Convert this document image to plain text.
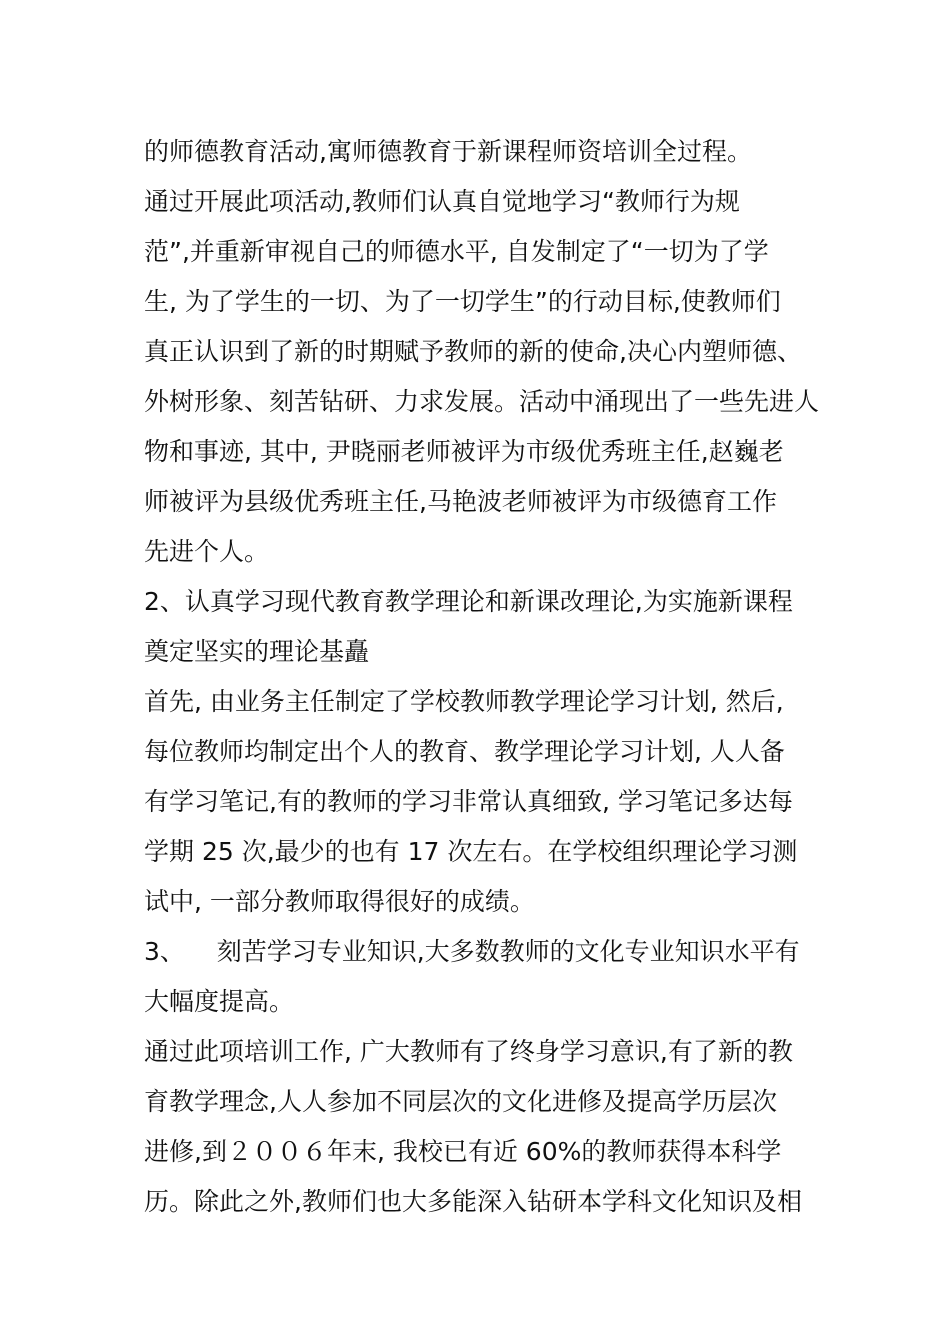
的师德教育活动,寓师德教育于新课程师资培训全过程。
通过开展此项活动,教师们认真自觉地学习“教师行为规
范”,并重新审视自己的师德水平, 自发制定了“一切为了学
生, 为了学生的一切、为了一切学生”的行动目标,使教师们
真正认识到了新的时期赋予教师的新的使命,决心内塑师德、
外树形象、刻苦钻研、力求发展。活动中涌现出了一些先进人
物和事迹, 其中, 尹晓丽老师被评为市级优秀班主任,赵巍老
师被评为县级优秀班主任,马艳波老师被评为市级德育工作
先进个人。
2、认真学习现代教育教学理论和新课改理论,为实施新课程
奠定坚实的理论基矗
首先, 由业务主任制定了学校教师教学理论学习计划, 然后,
每位教师均制定出个人的教育、教学理论学习计划, 人人备
有学习笔记,有的教师的学习非常认真细致, 学习笔记多达每
学期 25 次,最少的也有 17 次左右。在学校组织理论学习测
试中, 一部分教师取得很好的成绩。
3、    刻苦学习专业知识,大多数教师的文化专业知识水平有
大幅度提高。
通过此项培训工作, 广大教师有了终身学习意识,有了新的教
育教学理念,人人参加不同层次的文化进修及提高学历层次
进修,到２００６年末, 我校已有近 60%的教师获得本科学
历。除此之外,教师们也大多能深入钻研本学科文化知识及相
